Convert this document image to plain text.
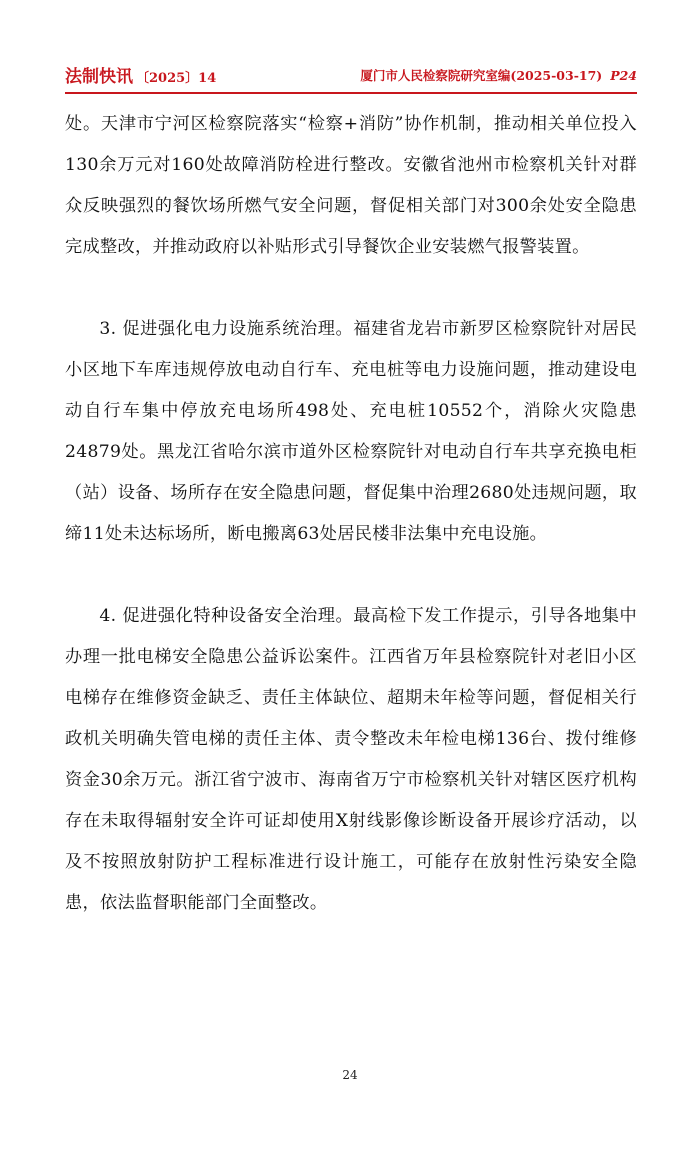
法制快讯 〔2025〕14	厦门市人民检察院研究室编(2025-03-17) P24

处。天津市宁河区检察院落实“检察+消防”协作机制，推动相关单位投入130余万元对160处故障消防栓进行整改。安徽省池州市检察机关针对群众反映强烈的餐饮场所燃气安全问题，督促相关部门对300余处安全隐患完成整改，并推动政府以补贴形式引导餐饮企业安装燃气报警装置。

3. 促进强化电力设施系统治理。福建省龙岩市新罗区检察院针对居民小区地下车库违规停放电动自行车、充电桩等电力设施问题，推动建设电动自行车集中停放充电场所498处、充电桩10552个，消除火灾隐患24879处。黑龙江省哈尔滨市道外区检察院针对电动自行车共享充换电柜（站）设备、场所存在安全隐患问题，督促集中治理2680处违规问题，取缔11处未达标场所，断电搬离63处居民楼非法集中充电设施。

4. 促进强化特种设备安全治理。最高检下发工作提示，引导各地集中办理一批电梯安全隐患公益诉讼案件。江西省万年县检察院针对老旧小区电梯存在维修资金缺乏、责任主体缺位、超期未年检等问题，督促相关行政机关明确失管电梯的责任主体、责令整改未年检电梯136台、拨付维修资金30余万元。浙江省宁波市、海南省万宁市检察机关针对辖区医疗机构存在未取得辐射安全许可证却使用X射线影像诊断设备开展诊疗活动，以及不按照放射防护工程标准进行设计施工，可能存在放射性污染安全隐患，依法监督职能部门全面整改。

24
